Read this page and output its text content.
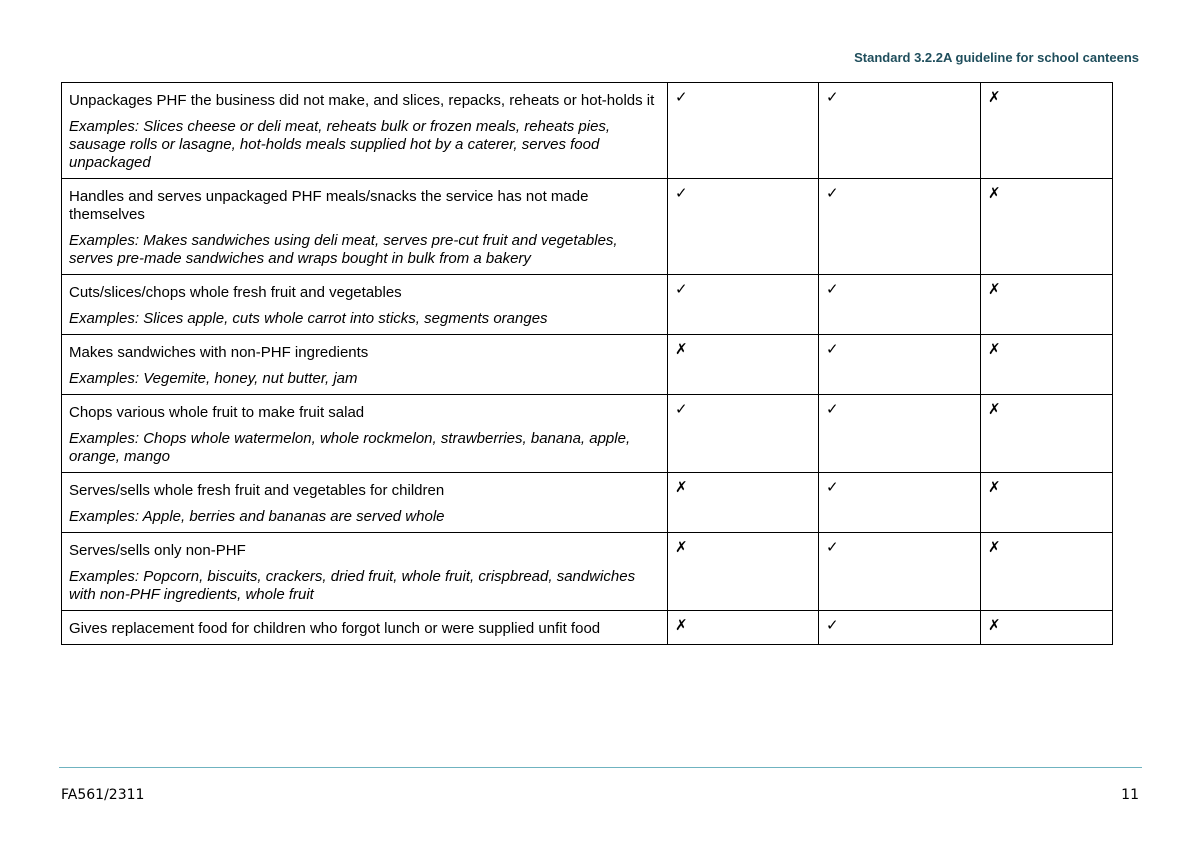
Standard 3.2.2A guideline for school canteens

Unpackages PHF the business did not make, and slices, repacks, reheats or hot-holds it

Examples: Slices cheese or deli meat, reheats bulk or frozen meals, reheats pies, sausage rolls or lasagne, hot-holds meals supplied hot by a caterer, serves food unpackaged	✓	✓	✗

Handles and serves unpackaged PHF meals/snacks the service has not made themselves

Examples: Makes sandwiches using deli meat, serves pre-cut fruit and vegetables, serves pre-made sandwiches and wraps bought in bulk from a bakery	✓	✓	✗

Cuts/slices/chops whole fresh fruit and vegetables

Examples: Slices apple, cuts whole carrot into sticks, segments oranges	✓	✓	✗

Makes sandwiches with non-PHF ingredients

Examples: Vegemite, honey, nut butter, jam	✗	✓	✗

Chops various whole fruit to make fruit salad

Examples: Chops whole watermelon, whole rockmelon, strawberries, banana, apple, orange, mango	✓	✓	✗

Serves/sells whole fresh fruit and vegetables for children

Examples: Apple, berries and bananas are served whole	✗	✓	✗

Serves/sells only non-PHF

Examples: Popcorn, biscuits, crackers, dried fruit, whole fruit, crispbread, sandwiches with non-PHF ingredients, whole fruit	✗	✓	✗

Gives replacement food for children who forgot lunch or were supplied unfit food	✗	✓	✗
FA561/2311	11
